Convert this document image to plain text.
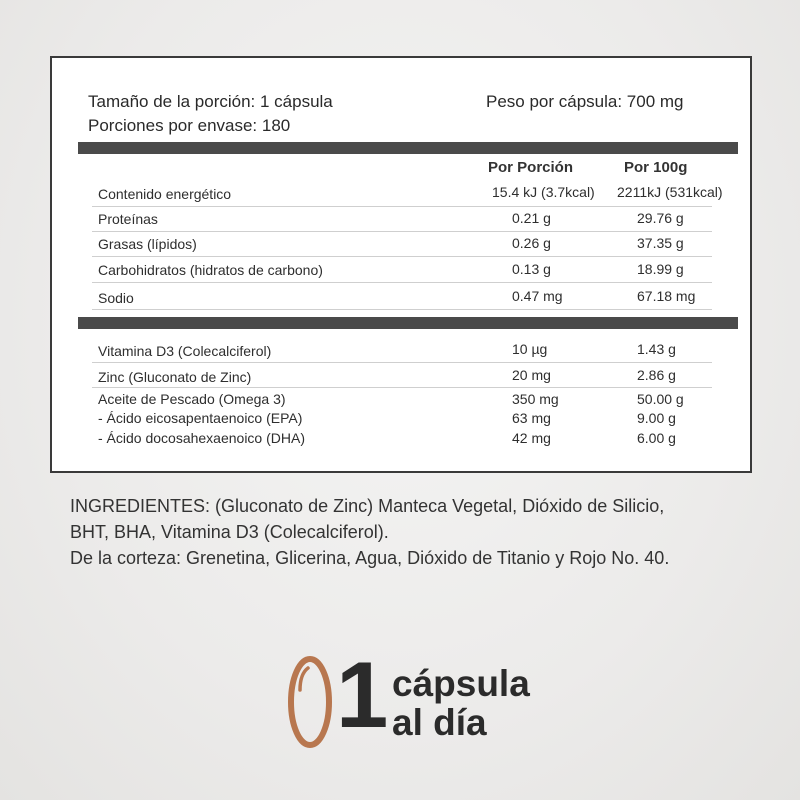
Tamaño de la porción: 1 cápsula	Peso por cápsula: 700 mg
Porciones por envase: 180
Por Porción	Por 100g
Contenido energético	15.4 kJ (3.7kcal) 2211kJ (531kcal)
Proteínas	0.21 g	29.76 g
Grasas (lípidos)	0.26 g	37.35 g
Carbohidratos (hidratos de carbono)	0.13 g	18.99 g
Sodio	0.47 mg	67.18 mg
Vitamina D3 (Colecalciferol)	10 µg	1.43 g
Zinc (Gluconato de Zinc)	20 mg	2.86 g
Aceite de Pescado (Omega 3)	350 mg	50.00 g
- Ácido eicosapentaenoico (EPA)	63 mg	9.00 g
- Ácido docosahexaenoico (DHA)	42 mg	6.00 g
INGREDIENTES: (Gluconato de Zinc) Manteca Vegetal, Dióxido de Silicio,
BHT, BHA, Vitamina D3 (Colecalciferol).
De la corteza: Grenetina, Glicerina, Agua, Dióxido de Titanio y Rojo No. 40.
1 cápsula
al día
